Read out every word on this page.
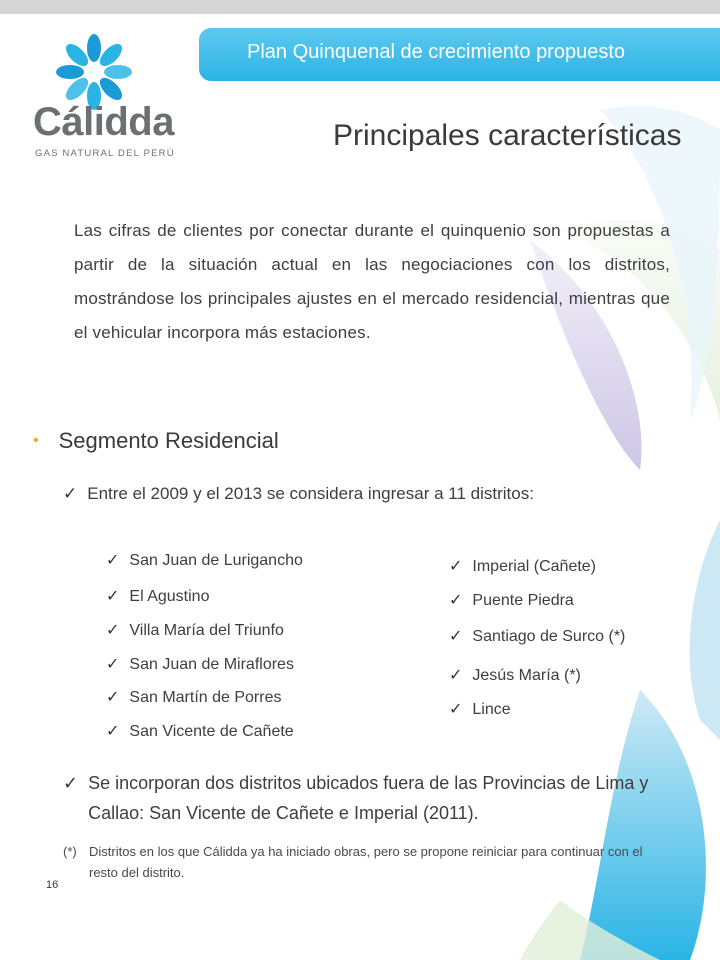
Plan Quinquenal de crecimiento propuesto
Cálidda
GAS NATURAL DEL PERÚ
Principales características
Las cifras de clientes por conectar durante el quinquenio son propuestas a partir de la situación actual en las negociaciones con los distritos, mostrándose los principales ajustes en el mercado residencial, mientras que el vehicular incorpora más estaciones.
• Segmento Residencial
✓ Entre el 2009 y el 2013 se considera ingresar a 11 distritos:
✓ San Juan de Lurigancho
✓ El Agustino
✓ Villa María del Triunfo
✓ San Juan de Miraflores
✓ San Martín de Porres
✓ San Vicente de Cañete
✓ Imperial (Cañete)
✓ Puente Piedra
✓ Santiago de Surco (*)
✓ Jesús María (*)
✓ Lince
✓ Se incorporan dos distritos ubicados fuera de las Provincias de Lima y Callao: San Vicente de Cañete e Imperial (2011).
(*) Distritos en los que Cálidda ya ha iniciado obras, pero se propone reiniciar para continuar con el resto del distrito.
16
